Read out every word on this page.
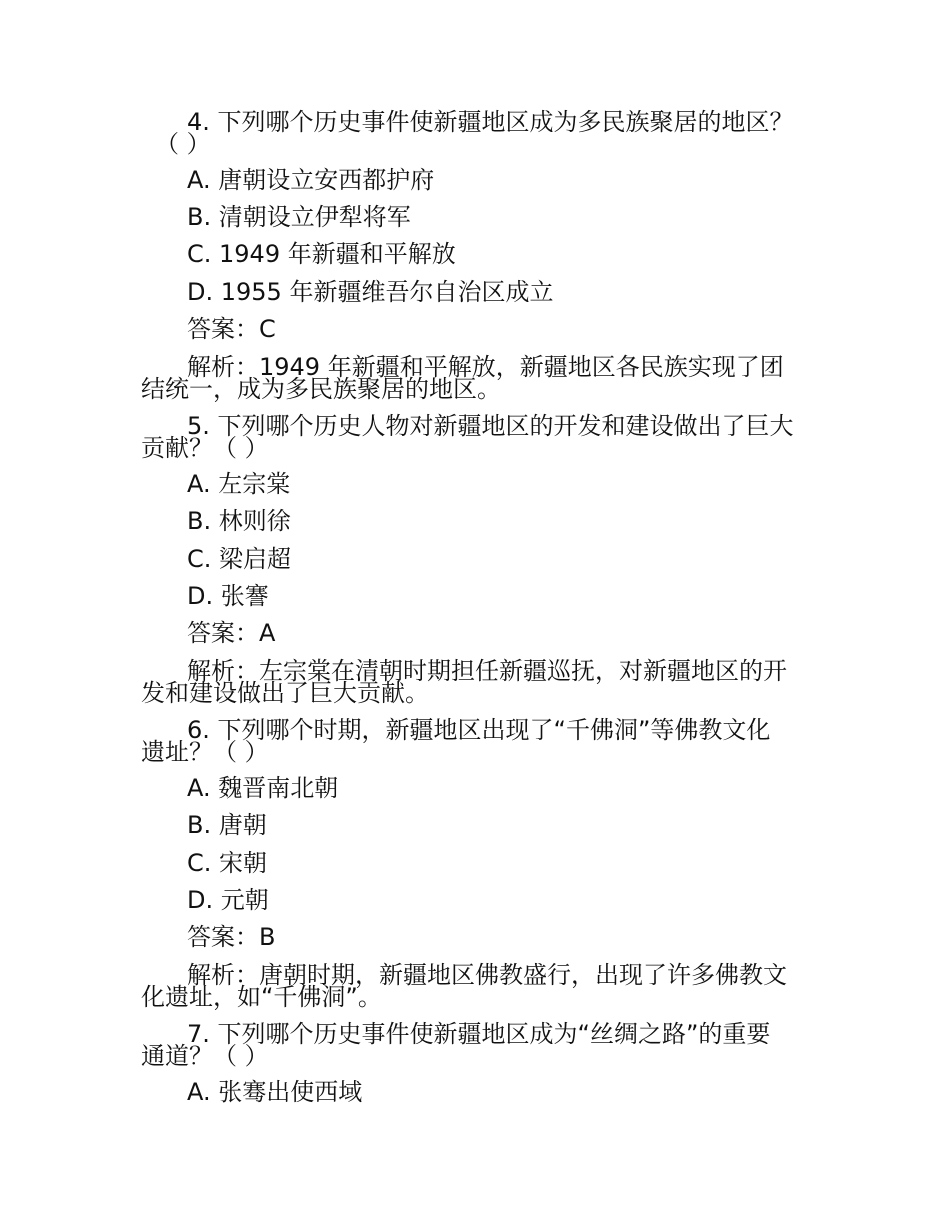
4. 下列哪个历史事件使新疆地区成为多民族聚居的地区？

（ ）

A. 唐朝设立安西都护府

B. 清朝设立伊犁将军

C. 1949 年新疆和平解放

D. 1955 年新疆维吾尔自治区成立

答案：C

解析：1949 年新疆和平解放，新疆地区各民族实现了团

结统一，成为多民族聚居的地区。

5. 下列哪个历史人物对新疆地区的开发和建设做出了巨大

贡献？（ ）

A. 左宗棠

B. 林则徐

C. 梁启超

D. 张謇

答案：A

解析：左宗棠在清朝时期担任新疆巡抚，对新疆地区的开

发和建设做出了巨大贡献。

6. 下列哪个时期，新疆地区出现了“千佛洞”等佛教文化

遗址？（ ）

A. 魏晋南北朝

B. 唐朝

C. 宋朝

D. 元朝

答案：B

解析：唐朝时期，新疆地区佛教盛行，出现了许多佛教文

化遗址，如“千佛洞”。

7. 下列哪个历史事件使新疆地区成为“丝绸之路”的重要

通道？（ ）

A. 张骞出使西域
